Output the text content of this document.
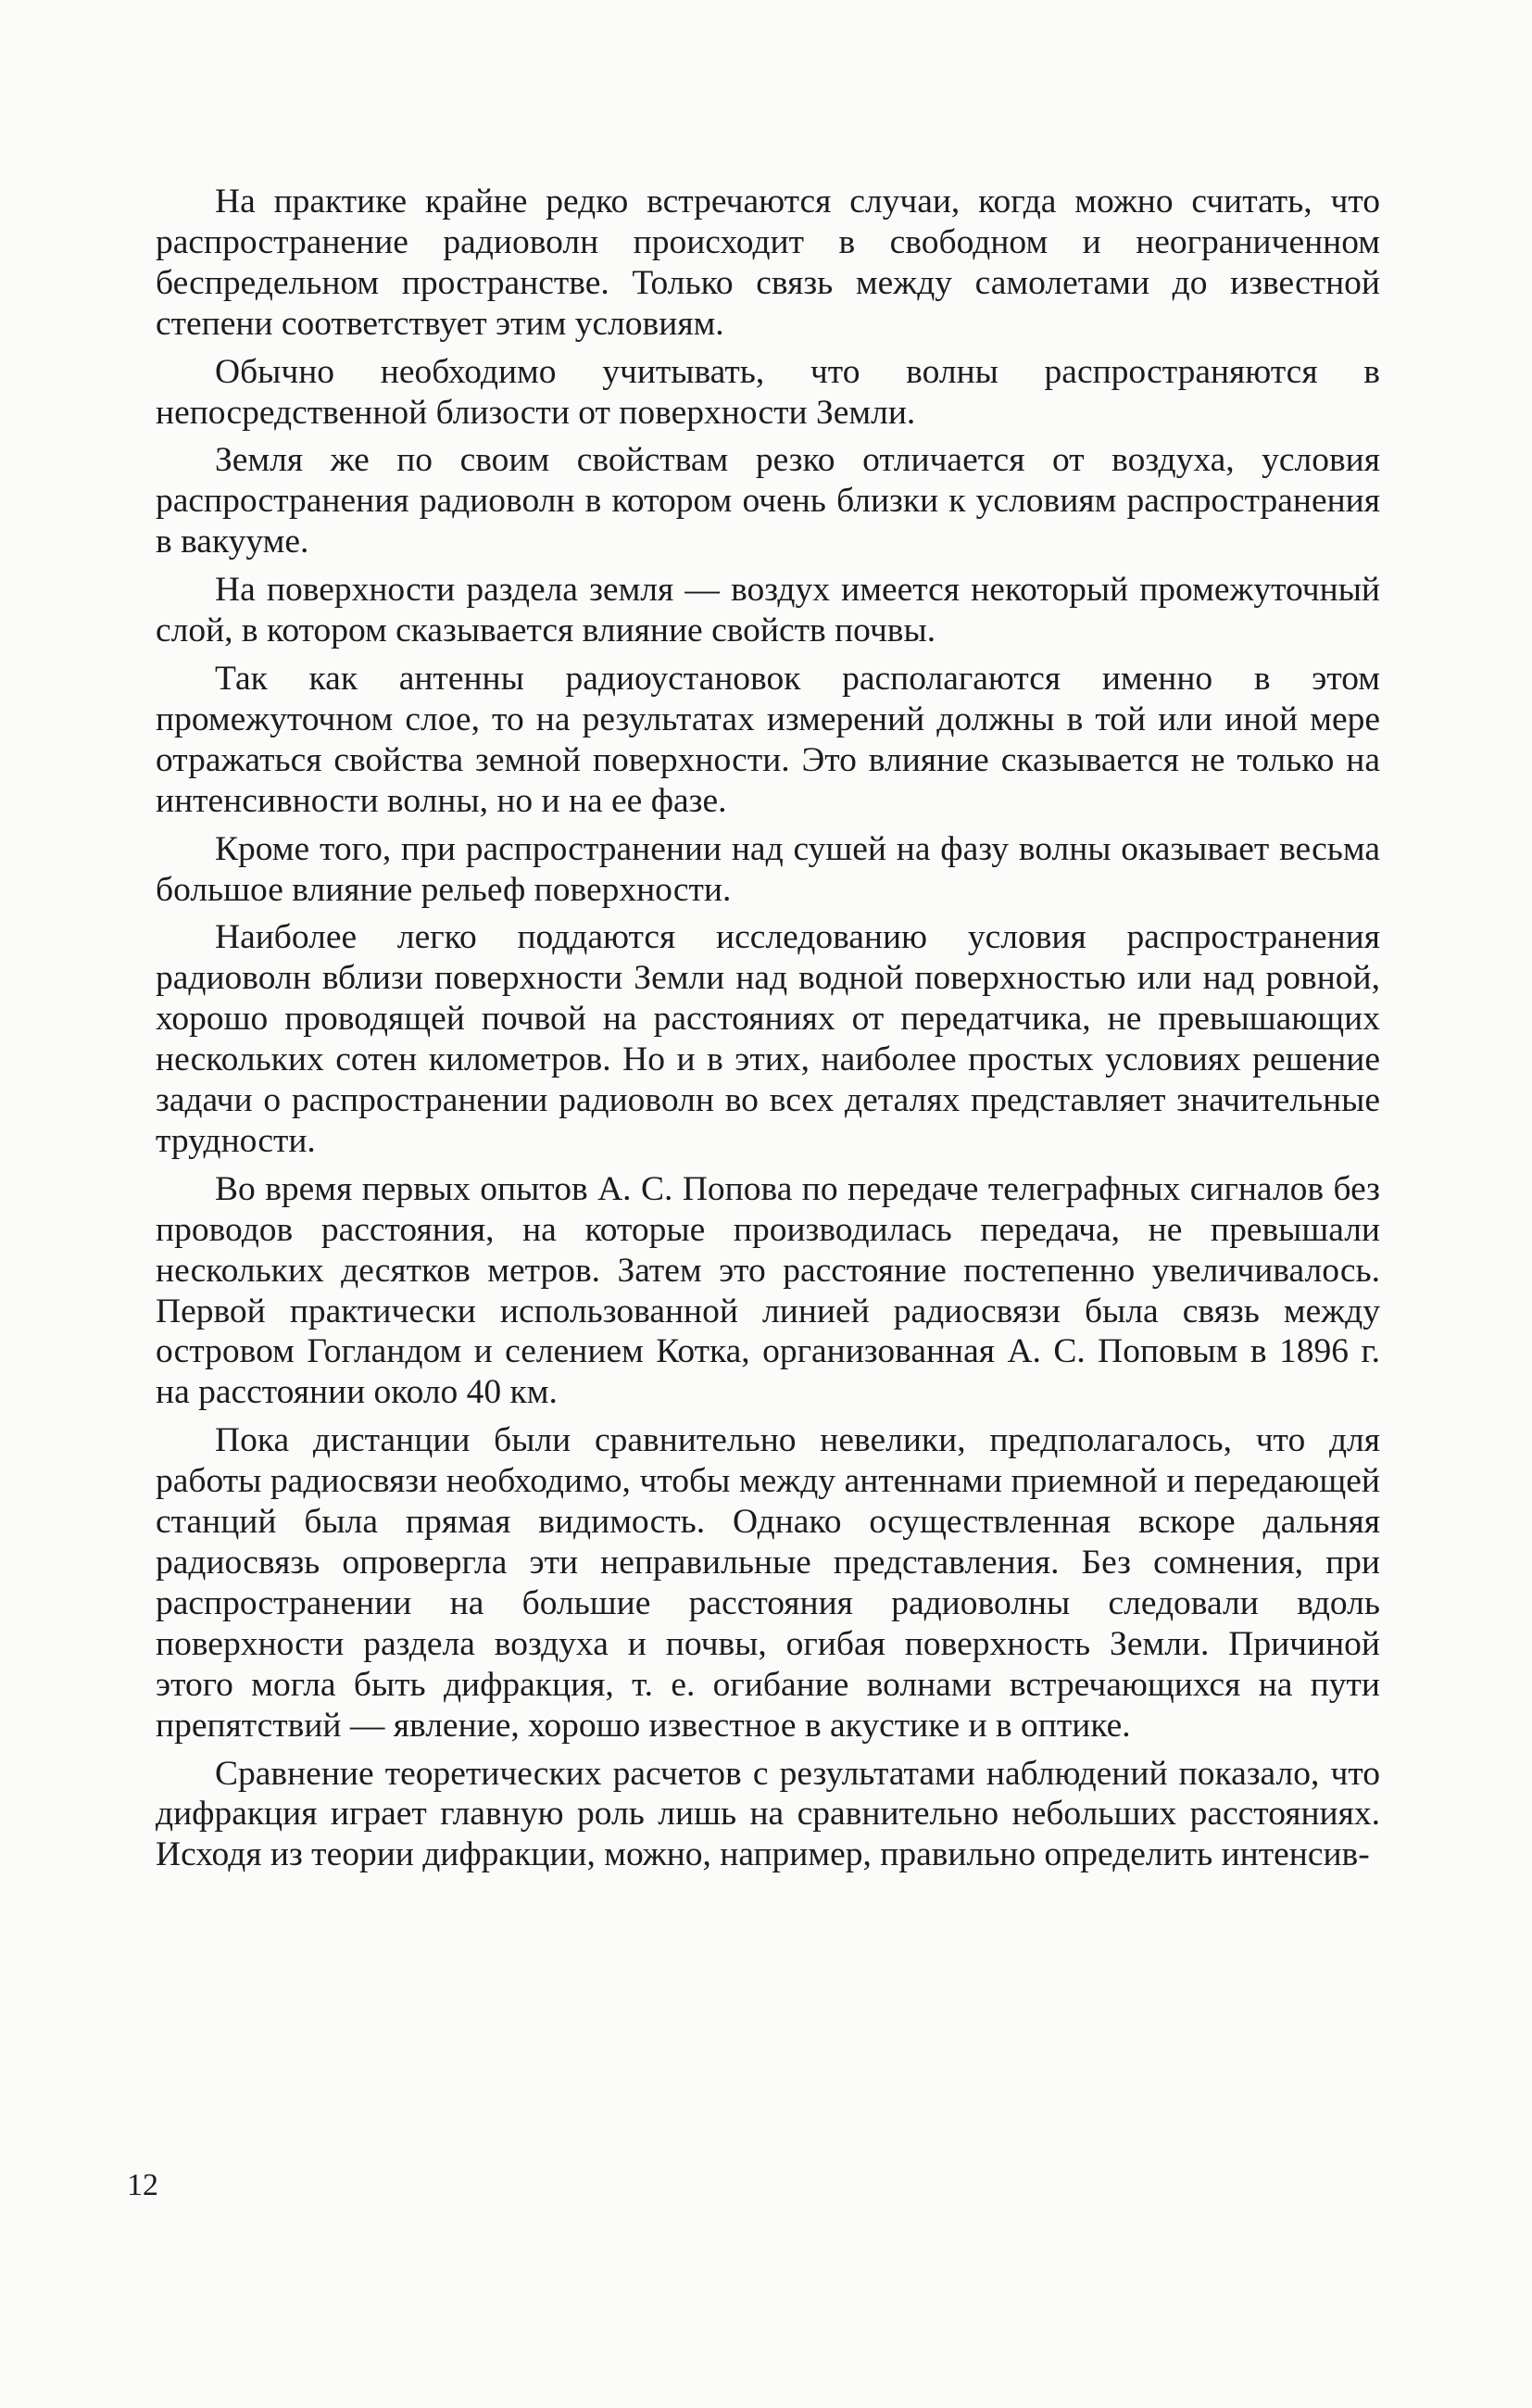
На практике крайне редко встречаются случаи, когда можно считать, что распространение радиоволн происходит в свободном и неограниченном беспредельном пространстве. Только связь между самолетами до известной степени соответствует этим условиям.

Обычно необходимо учитывать, что волны распространяются в непосредственной близости от поверхности Земли.

Земля же по своим свойствам резко отличается от воздуха, условия распространения радиоволн в котором очень близки к условиям распространения в вакууме.

На поверхности раздела земля — воздух имеется некоторый промежуточный слой, в котором сказывается влияние свойств почвы.

Так как антенны радиоустановок располагаются именно в этом промежуточном слое, то на результатах измерений должны в той или иной мере отражаться свойства земной поверхности. Это влияние сказывается не только на интенсивности волны, но и на ее фазе.

Кроме того, при распространении над сушей на фазу волны оказывает весьма большое влияние рельеф поверхности.

Наиболее легко поддаются исследованию условия распространения радиоволн вблизи поверхности Земли над водной поверхностью или над ровной, хорошо проводящей почвой на расстояниях от передатчика, не превышающих нескольких сотен километров. Но и в этих, наиболее простых условиях решение задачи о распространении радиоволн во всех деталях представляет значительные трудности.

Во время первых опытов А. С. Попова по передаче телеграфных сигналов без проводов расстояния, на которые производилась передача, не превышали нескольких десятков метров. Затем это расстояние постепенно увеличивалось. Первой практически использованной линией радиосвязи была связь между островом Гогландом и селением Котка, организованная А. С. Поповым в 1896 г. на расстоянии около 40 км.

Пока дистанции были сравнительно невелики, предполагалось, что для работы радиосвязи необходимо, чтобы между антеннами приемной и передающей станций была прямая видимость. Однако осуществленная вскоре дальняя радиосвязь опровергла эти неправильные представления. Без сомнения, при распространении на большие расстояния радиоволны следовали вдоль поверхности раздела воздуха и почвы, огибая поверхность Земли. Причиной этого могла быть дифракция, т. е. огибание волнами встречающихся на пути препятствий — явление, хорошо известное в акустике и в оптике.

Сравнение теоретических расчетов с результатами наблюдений показало, что дифракция играет главную роль лишь на сравнительно небольших расстояниях. Исходя из теории дифракции, можно, например, правильно определить интенсив-

12
